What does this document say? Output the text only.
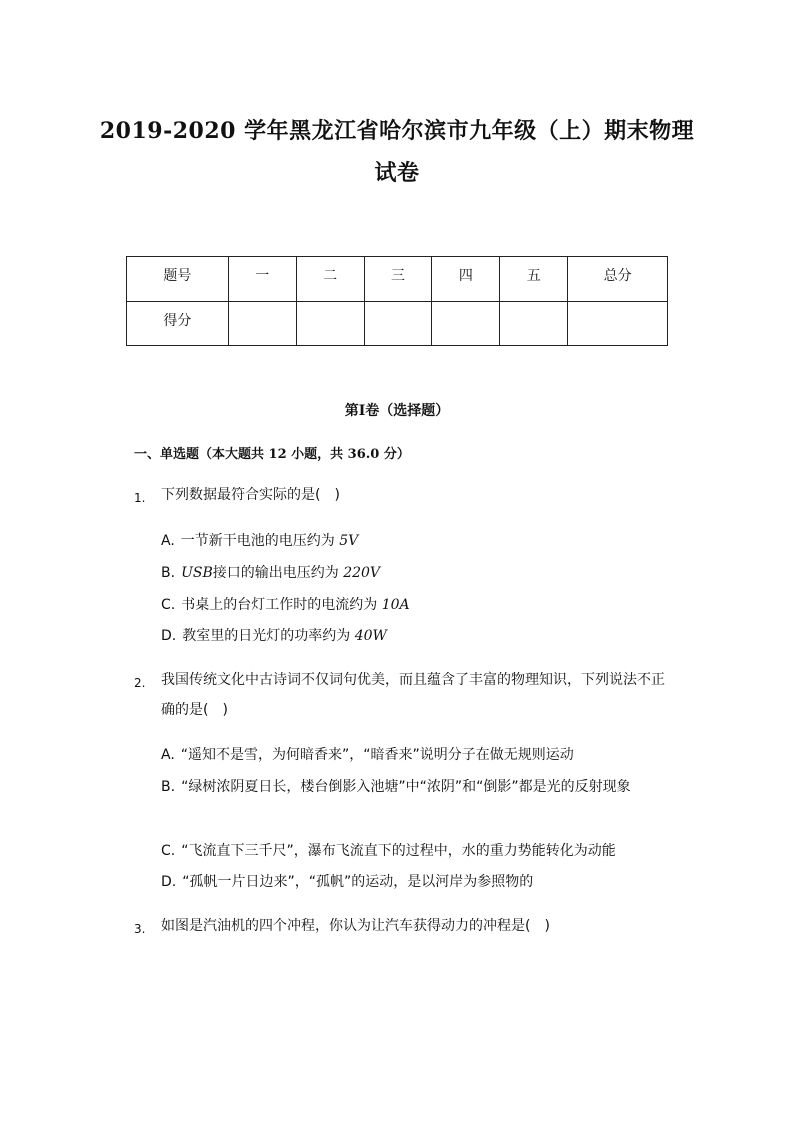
2019-2020 学年黑龙江省哈尔滨市九年级（上）期末物理
试卷
题号	一	二	三	四	五	总分
得分						
第Ⅰ卷（选择题）
一、单选题（本大题共 12 小题，共 36.0 分）
1. 下列数据最符合实际的是(　)
A. 一节新干电池的电压约为 5V
B. USB接口的输出电压约为 220V
C. 书桌上的台灯工作时的电流约为 10A
D. 教室里的日光灯的功率约为 40W
2. 我国传统文化中古诗词不仅词句优美，而且蕴含了丰富的物理知识，下列说法不正确的是(　)
A. “遥知不是雪，为何暗香来”，“暗香来”说明分子在做无规则运动
B. “绿树浓阴夏日长，楼台倒影入池塘”中“浓阴”和“倒影”都是光的反射现象
C. “飞流直下三千尺”，瀑布飞流直下的过程中，水的重力势能转化为动能
D. “孤帆一片日边来”，“孤帆”的运动，是以河岸为参照物的
3. 如图是汽油机的四个冲程，你认为让汽车获得动力的冲程是(　)
